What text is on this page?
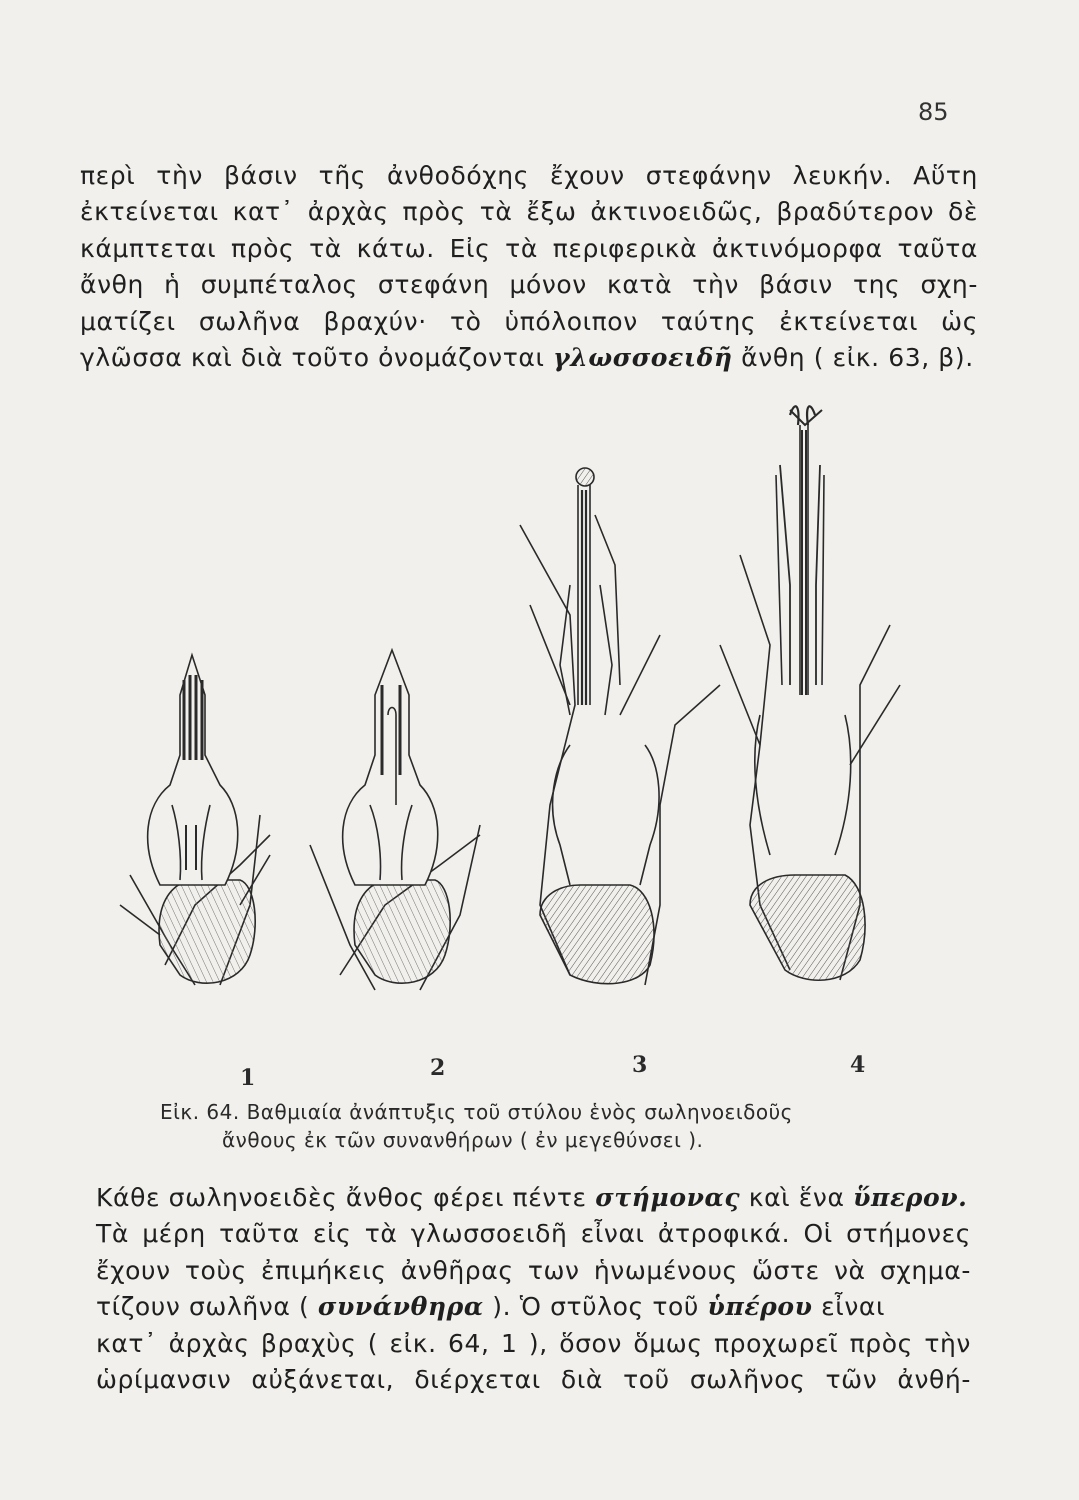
85

περὶ τὴν βάσιν τῆς ἀνθοδόχης ἔχουν στεφάνην λευκήν. Αὕτη
ἐκτείνεται κατ᾽ ἀρχὰς πρὸς τὰ ἔξω ἀκτινοειδῶς, βραδύτερον δὲ
κάμπτεται πρὸς τὰ κάτω. Εἰς τὰ περιφερικὰ ἀκτινόμορφα ταῦτα
ἄνθη ἡ συμπέταλος στεφάνη μόνον κατὰ τὴν βάσιν της σχη-
ματίζει σωλῆνα βραχύν· τὸ ὑπόλοιπον ταύτης ἐκτείνεται ὡς
γλῶσσα καὶ διὰ τοῦτο ὀνομάζονται γλωσσοειδῆ ἄνθη ( εἰκ. 63, β).

1	2	3	4
Εἰκ. 64. Βαθμιαία ἀνάπτυξις τοῦ στύλου ἑνὸς σωληνοειδοῦς
ἄνθους ἐκ τῶν συνανθήρων ( ἐν μεγεθύνσει ).

Κάθε σωληνοειδὲς ἄνθος φέρει πέντε στήμονας καὶ ἕνα ὕπερον.
Τὰ μέρη ταῦτα εἰς τὰ γλωσσοειδῆ εἶναι ἀτροφικά. Οἱ στήμονες
ἔχουν τοὺς ἐπιμήκεις ἀνθῆρας των ἡνωμένους ὥστε νὰ σχημα-
τίζουν σωλῆνα ( συνάνθηρα ). Ὁ στῦλος τοῦ ὑπέρου εἶναι
κατ᾽ ἀρχὰς βραχὺς ( εἰκ. 64, 1 ), ὅσον ὅμως προχωρεῖ πρὸς τὴν
ὡρίμανσιν αὐξάνεται, διέρχεται διὰ τοῦ σωλῆνος τῶν ἀνθή-
